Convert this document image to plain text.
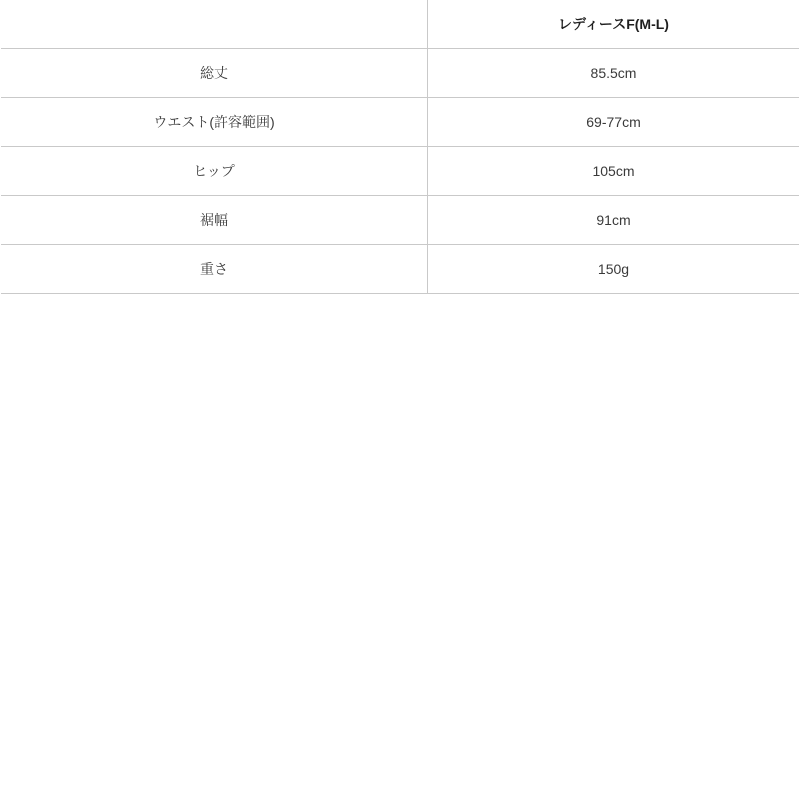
	レディースF(M-L)
総丈	85.5cm
ウエスト(許容範囲)	69-77cm
ヒップ	105cm
裾幅	91cm
重さ	150g
